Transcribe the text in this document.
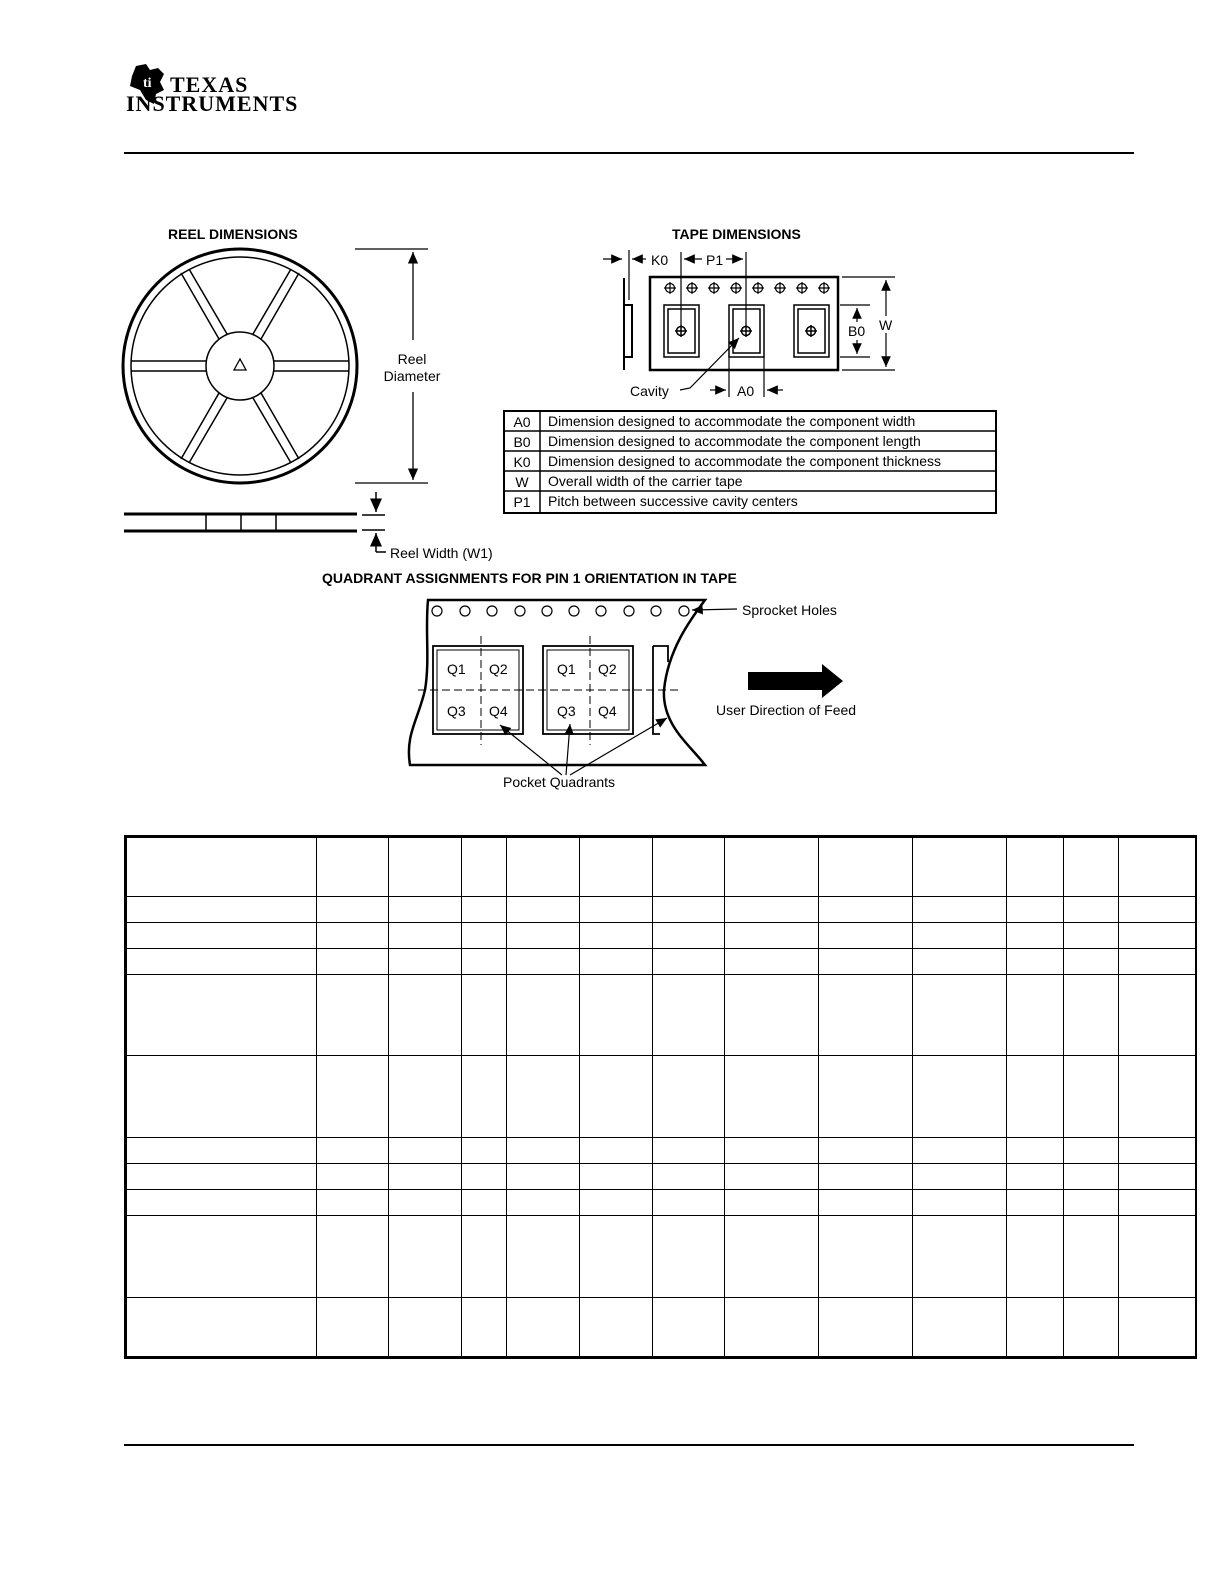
ti TEXAS
INSTRUMENTS
REEL DIMENSIONS
Reel
Diameter
Reel Width (W1)
TAPE DIMENSIONS
K0	P1
B0 W
A0
Cavity
A0 Dimension designed to accommodate the component width
B0 Dimension designed to accommodate the component length
K0 Dimension designed to accommodate the component thickness
W Overall width of the carrier tape
P1 Pitch between successive cavity centers
QUADRANT ASSIGNMENTS FOR PIN 1 ORIENTATION IN TAPE
Q1 Q2
Q3 Q4
Q1 Q2
Q3 Q4
Sprocket Holes
User Direction of Feed
Pocket Quadrants
